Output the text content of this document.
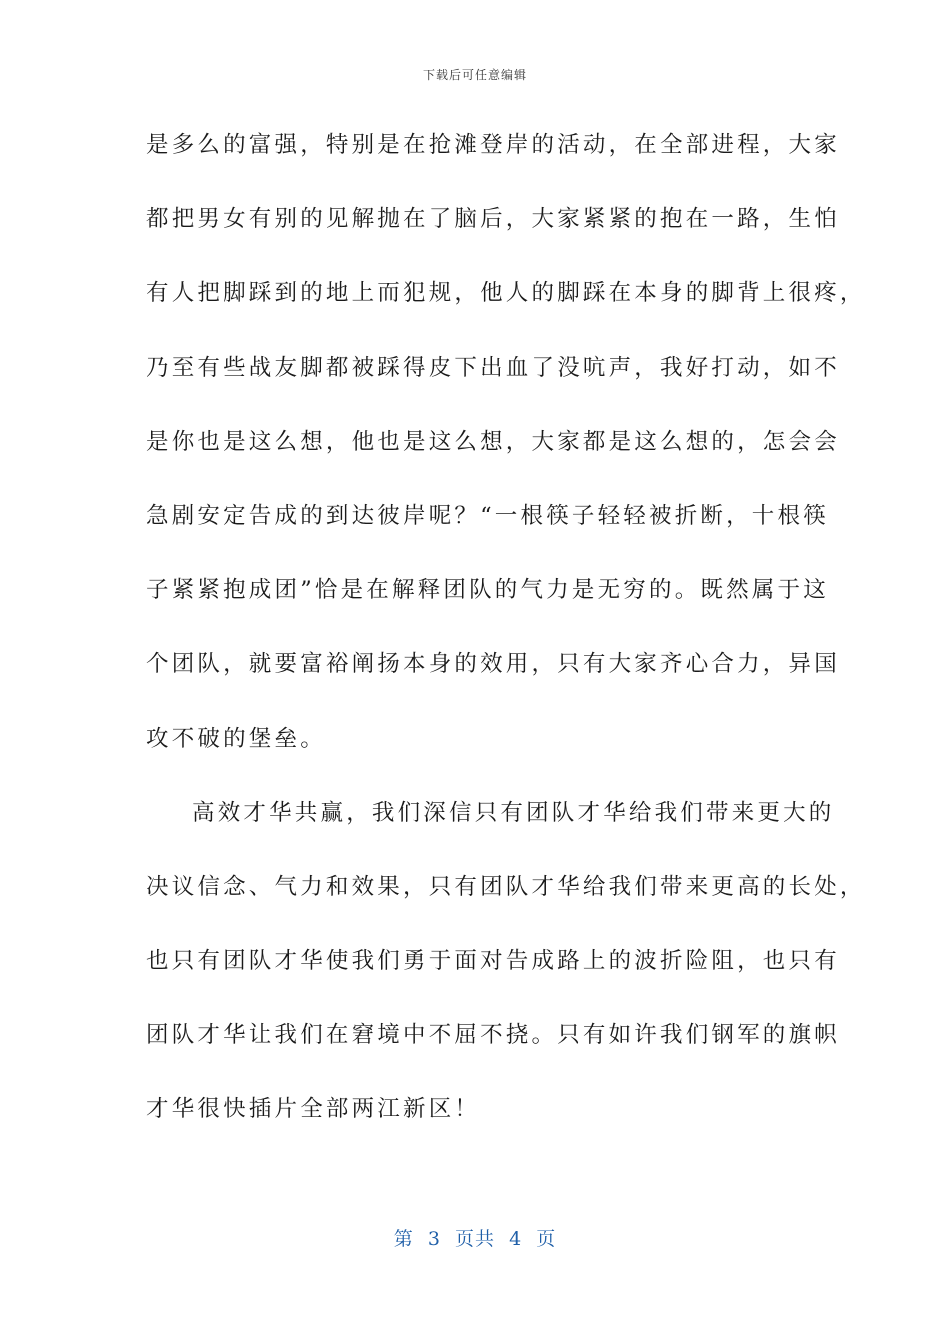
下载后可任意编辑
是多么的富强，特别是在抢滩登岸的活动，在全部进程，大家
都把男女有别的见解抛在了脑后，大家紧紧的抱在一路，生怕
有人把脚踩到的地上而犯规，他人的脚踩在本身的脚背上很疼，
乃至有些战友脚都被踩得皮下出血了没吭声，我好打动，如不
是你也是这么想，他也是这么想，大家都是这么想的，怎会会
急剧安定告成的到达彼岸呢？“一根筷子轻轻被折断，十根筷
子紧紧抱成团”恰是在解释团队的气力是无穷的。既然属于这
个团队，就要富裕阐扬本身的效用，只有大家齐心合力，异国
攻不破的堡垒。
高效才华共赢，我们深信只有团队才华给我们带来更大的
决议信念、气力和效果，只有团队才华给我们带来更高的长处，
也只有团队才华使我们勇于面对告成路上的波折险阻，也只有
团队才华让我们在窘境中不屈不挠。只有如许我们钢军的旗帜
才华很快插片全部两江新区！
第  3  页共  4  页
